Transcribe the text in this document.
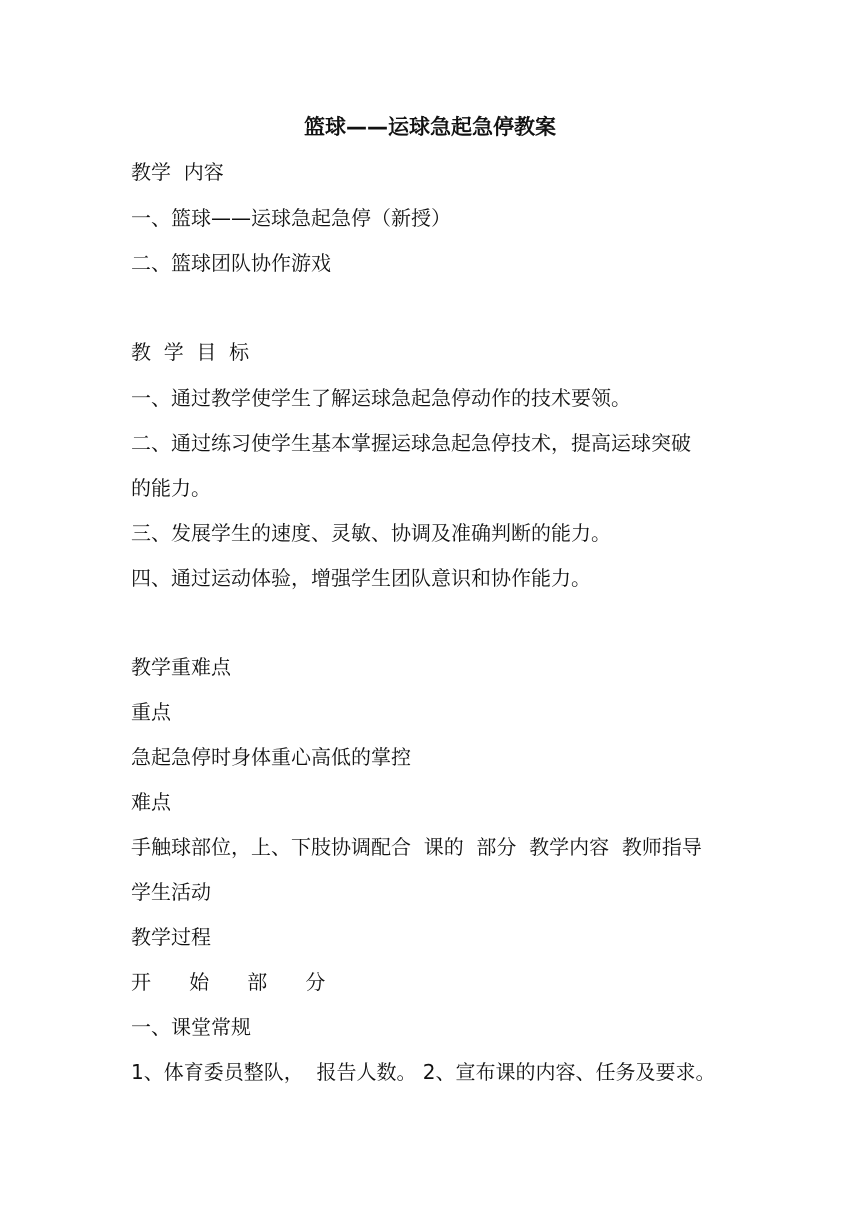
篮球——运球急起急停教案

教学  内容

一、篮球——运球急起急停（新授）

二、篮球团队协作游戏

教  学  目  标

一、通过教学使学生了解运球急起急停动作的技术要领。

二、通过练习使学生基本掌握运球急起急停技术，提高运球突破

的能力。

三、发展学生的速度、灵敏、协调及准确判断的能力。

四、通过运动体验，增强学生团队意识和协作能力。

教学重难点

重点

急起急停时身体重心高低的掌控

难点

手触球部位，上、下肢协调配合  课的  部分  教学内容  教师指导

学生活动

教学过程

开      始      部      分

一、课堂常规

1、体育委员整队，  报告人数。 2、宣布课的内容、任务及要求。
